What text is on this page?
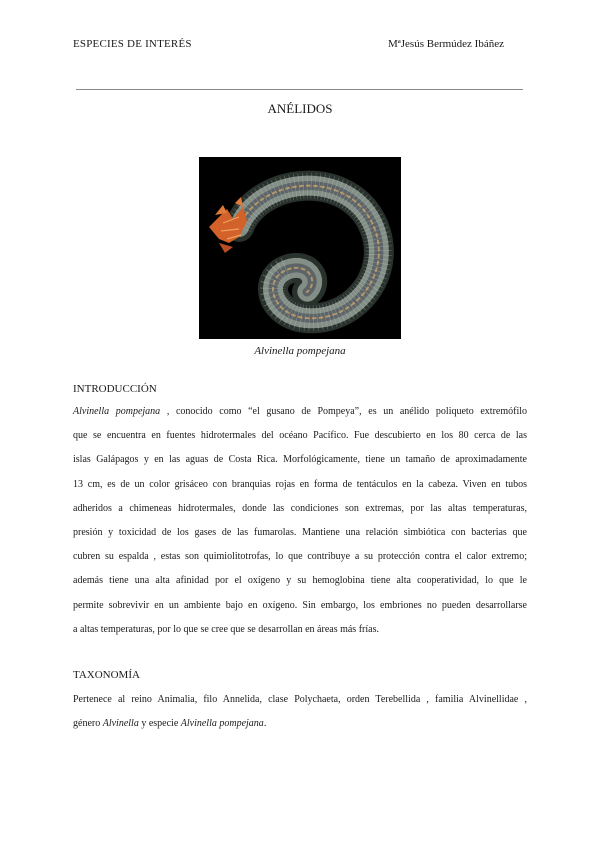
ESPECIES DE INTERÉS	MªJesús Bermúdez Ibáñez
ANÉLIDOS
Alvinella pompejana
INTRODUCCIÓN
Alvinella pompejana , conocido como “el gusano de Pompeya”, es un anélido poliqueto extremófilo
que se encuentra en fuentes hidrotermales del océano Pacífico. Fue descubierto en los 80 cerca de las
islas Galápagos y en las aguas de Costa Rica. Morfológicamente, tiene un tamaño de aproximadamente
13 cm, es de un color grisáceo con branquias rojas en forma de tentáculos en la cabeza. Viven en tubos
adheridos a chimeneas hidrotermales, donde las condiciones son extremas, por las altas temperaturas,
presión y toxicidad de los gases de las fumarolas. Mantiene una relación simbiótica con bacterias que
cubren su espalda , estas son quimiolitotrofas, lo que contribuye a su protección contra el calor extremo;
además tiene una alta afinidad por el oxígeno y su hemoglobina tiene alta cooperatividad, lo que le
permite sobrevivir en un ambiente bajo en oxígeno. Sin embargo, los embriones no pueden desarrollarse
a altas temperaturas, por lo que se cree que se desarrollan en áreas más frías.
TAXONOMÍA
Pertenece al reino Animalia, filo Annelida, clase Polychaeta, orden Terebellida , familia Alvinellidae ,
género Alvinella y especie Alvinella pompejana.
